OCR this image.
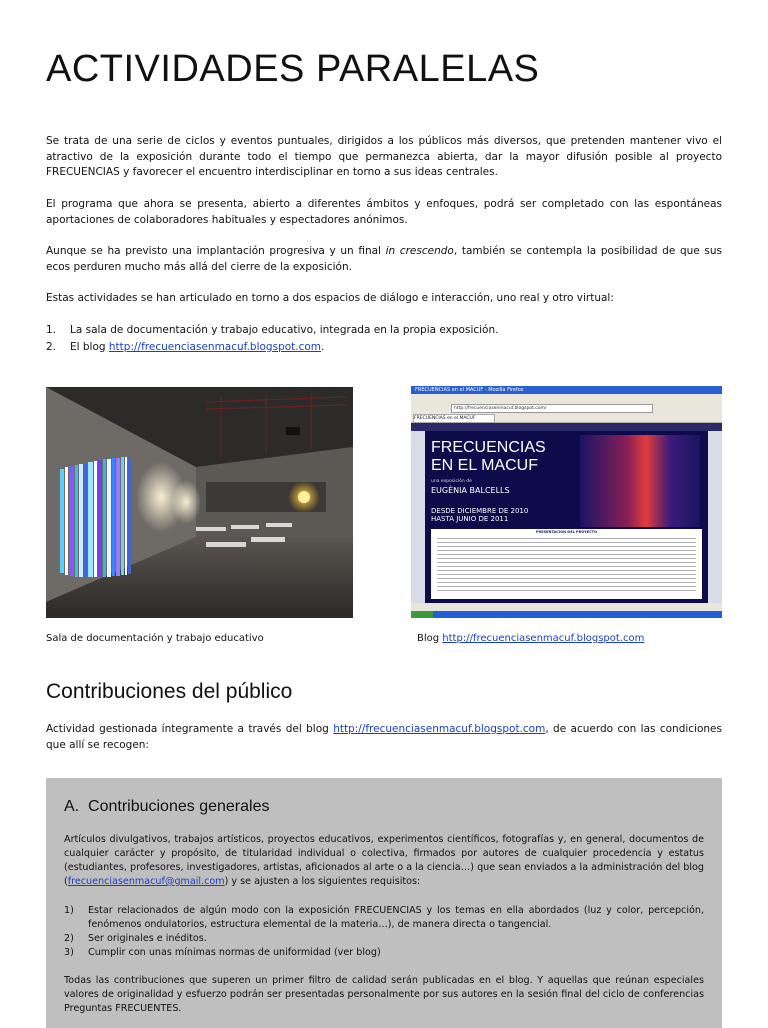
ACTIVIDADES PARALELAS

Se trata de una serie de ciclos y eventos puntuales, dirigidos a los públicos más diversos, que pretenden mantener vivo el atractivo de la exposición durante todo el tiempo que permanezca abierta, dar la mayor difusión posible al proyecto FRECUENCIAS y favorecer el encuentro interdisciplinar en torno a sus ideas centrales.

El programa que ahora se presenta, abierto a diferentes ámbitos y enfoques, podrá ser completado con las espontáneas aportaciones de colaboradores habituales y espectadores anónimos.

Aunque se ha previsto una implantación progresiva y un final in crescendo, también se contempla la posibilidad de que sus ecos perduren mucho más allá del cierre de la exposición.

Estas actividades se han articulado en torno a dos espacios de diálogo e interacción, uno real y otro virtual:

1.	La sala de documentación y trabajo educativo, integrada en la propia exposición.
2.	El blog http://frecuenciasenmacuf.blogspot.com.
FRECUENCIAS en el MACUF - Mozilla Firefox
http://frecuenciasenmacuf.blogspot.com/
FRECUENCIAS en el MACUF
FRECUENCIAS
EN EL MACUF
una exposición de
EUGÈNIA BALCELLS
DESDE DICIEMBRE DE 2010
HASTA JUNIO DE 2011
PRESENTACIÓN DEL PROYECTO
Sala de documentación y trabajo educativo	Blog http://frecuenciasenmacuf.blogspot.com
Contribuciones del público

Actividad gestionada íntegramente a través del blog http://frecuenciasenmacuf.blogspot.com, de acuerdo con las condiciones que allí se recogen:

A. Contribuciones generales

Artículos divulgativos, trabajos artísticos, proyectos educativos, experimentos científicos, fotografías y, en general, documentos de cualquier carácter y propósito, de titularidad individual o colectiva, firmados por autores de cualquier procedencia y estatus (estudiantes, profesores, investigadores, artistas, aficionados al arte o a la ciencia…) que sean enviados a la administración del blog (frecuenciasenmacuf@gmail.com) y se ajusten a los siguientes requisitos:

1)	Estar relacionados de algún modo con la exposición FRECUENCIAS y los temas en ella abordados (luz y color, percepción, fenómenos ondulatorios, estructura elemental de la materia…), de manera directa o tangencial.
2)	Ser originales e inéditos.
3)	Cumplir con unas mínimas normas de uniformidad (ver blog)

Todas las contribuciones que superen un primer filtro de calidad serán publicadas en el blog. Y aquellas que reúnan especiales valores de originalidad y esfuerzo podrán ser presentadas personalmente por sus autores en la sesión final del ciclo de conferencias Preguntas FRECUENTES.
